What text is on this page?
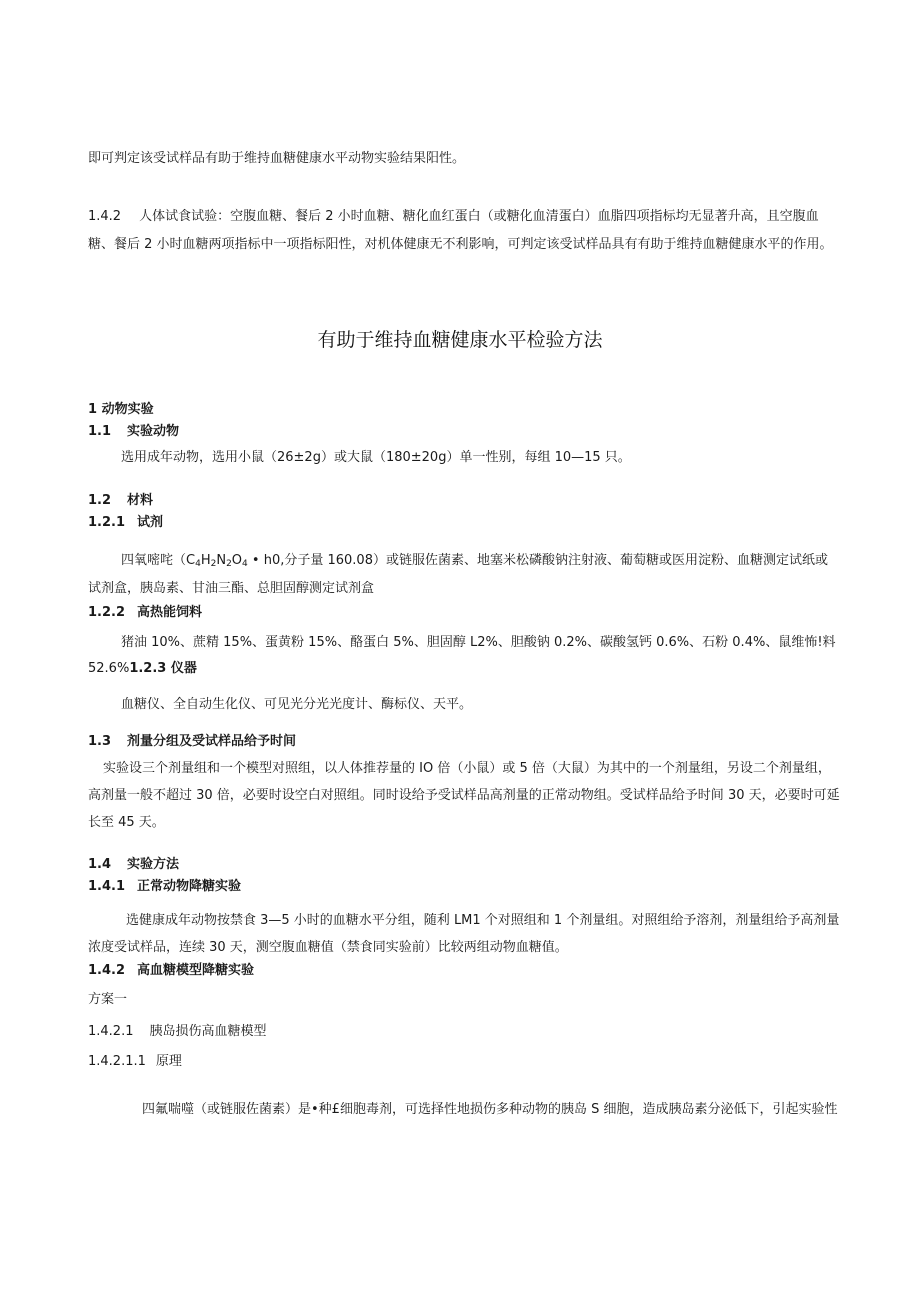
即可判定该受试样品有助于维持血糖健康水平动物实验结果阳性。
1.4.2 人体试食试验：空腹血糖、餐后 2 小时血糖、糖化血红蛋白（或糖化血清蛋白）血脂四项指标均无显著升高，且空腹血
糖、餐后 2 小时血糖两项指标中一项指标阳性，对机体健康无不利影响，可判定该受试样品具有有助于维持血糖健康水平的作用。
有助于维持血糖健康水平检验方法
1 动物实验
1.1 实验动物
选用成年动物，选用小鼠（26±2g）或大鼠（180±20g）单一性别，每组 10—15 只。
1.2 材料
1.2.1 试剂
四氧嘧咤（$C_4H_2N_2O_4$ • h0,分子量 160.08）或链服佐菌素、地塞米松磷酸钠注射液、葡萄糖或医用淀粉、血糖测定试纸或
试剂盒，胰岛素、甘油三酯、总胆固醇测定试剂盒
1.2.2 高热能饲料
猪油 10%、蔗精 15%、蛋黄粉 15%、酪蛋白 5%、胆固醇 L2%、胆酸钠 0.2%、碳酸氢钙 0.6%、石粉 0.4%、鼠维怖!料
52.6%1.2.3 仪器
血糖仪、全自动生化仪、可见光分光光度计、酶标仪、天平。
1.3 剂量分组及受试样品给予时间
实验设三个剂量组和一个模型对照组，以人体推荐量的 IO 倍（小鼠）或 5 倍（大鼠）为其中的一个剂量组，另设二个剂量组，
高剂量一般不超过 30 倍，必要时设空白对照组。同时设给予受试样品高剂量的正常动物组。受试样品给予时间 30 天，必要时可延
长至 45 天。
1.4 实验方法
1.4.1 正常动物降糖实验
选健康成年动物按禁食 3—5 小时的血糖水平分组，随利 LM1 个对照组和 1 个剂量组。对照组给予溶剂，剂量组给予高剂量
浓度受试样品，连续 30 天，测空腹血糖值（禁食同实验前）比较两组动物血糖值。
1.4.2 高血糖模型降糖实验
方案一
1.4.2.1 胰岛损伤高血糖模型
1.4.2.1.1 原理
四氟喘噬（或链服佐菌素）是•种£细胞毒剂，可选择性地损伤多种动物的胰岛 S 细胞，造成胰岛素分泌低下，引起实验性
